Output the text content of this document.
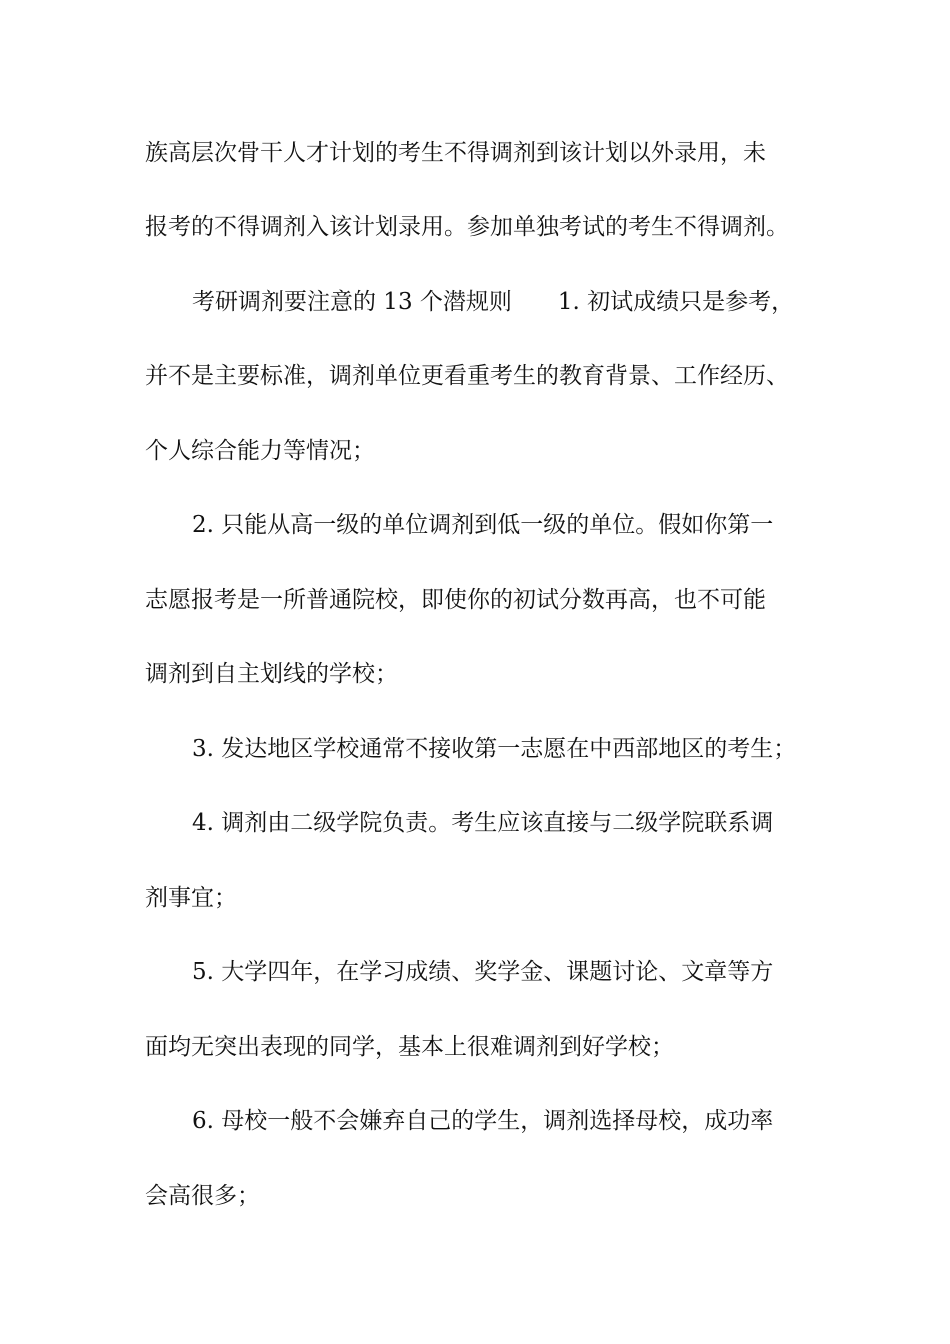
族高层次骨干人才计划的考生不得调剂到该计划以外录用，未
报考的不得调剂入该计划录用。参加单独考试的考生不得调剂。
考研调剂要注意的 13 个潜规则　　1. 初试成绩只是参考，
并不是主要标准，调剂单位更看重考生的教育背景、工作经历、
个人综合能力等情况；
2. 只能从高一级的单位调剂到低一级的单位。假如你第一
志愿报考是一所普通院校，即使你的初试分数再高，也不可能
调剂到自主划线的学校；
3. 发达地区学校通常不接收第一志愿在中西部地区的考生；
4. 调剂由二级学院负责。考生应该直接与二级学院联系调
剂事宜；
5. 大学四年，在学习成绩、奖学金、课题讨论、文章等方
面均无突出表现的同学，基本上很难调剂到好学校；
6. 母校一般不会嫌弃自己的学生，调剂选择母校，成功率
会高很多；
